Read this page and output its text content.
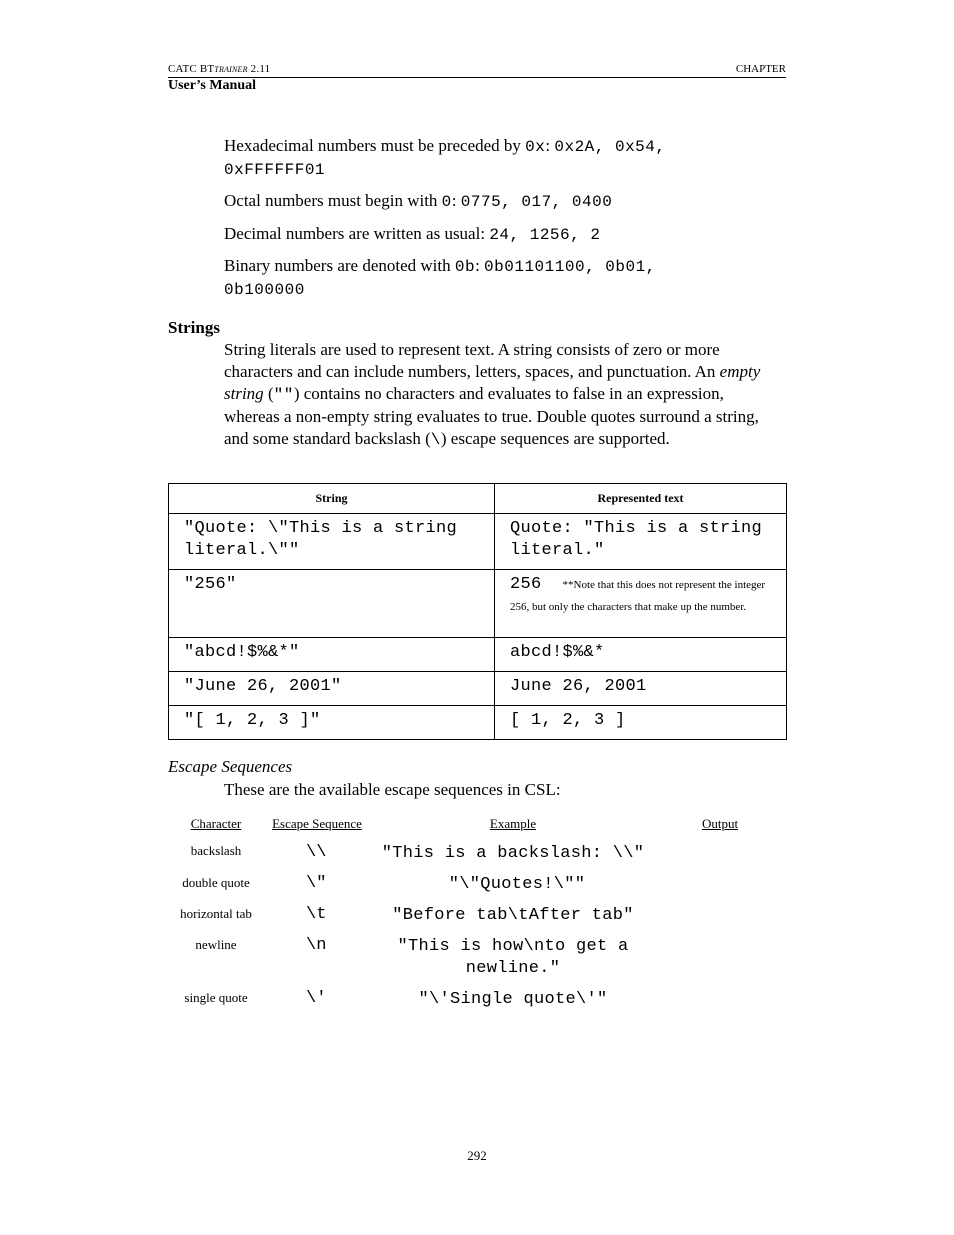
CATC BTTRAINER 2.11	CHAPTER
User’s Manual
Hexadecimal numbers must be preceded by 0x: 0x2A, 0x54,
0xFFFFFF01
Octal numbers must begin with 0: 0775, 017, 0400
Decimal numbers are written as usual: 24, 1256, 2
Binary numbers are denoted with 0b: 0b01101100, 0b01,
0b100000
Strings
String literals are used to represent text. A string consists of zero or more characters and can include numbers, letters, spaces, and punctuation. An empty string ("") contains no characters and evaluates to false in an expression, whereas a non-empty string evaluates to true. Double quotes surround a string, and some standard backslash (\) escape sequences are supported.
String	Represented text

"Quote: \"This is a string literal.\""	Quote: "This is a string literal."

"256"	256 **Note that this does not represent the integer 256, but only the characters that make up the number.

"abcd!$%&*"	abcd!$%&*

"June 26, 2001"	June 26, 2001

"[ 1, 2, 3 ]"	[ 1, 2, 3 ]
Escape Sequences
These are the available escape sequences in CSL:
Character	Escape Sequence	Example	Output
backslash	\\	"This is a backslash: \\"
double quote	\"	"\"Quotes!\""
horizontal tab	\t	"Before tab\tAfter tab"
newline	\n	"This is how\nto get a
newline."
single quote	\'	"\'Single quote\'"
292
